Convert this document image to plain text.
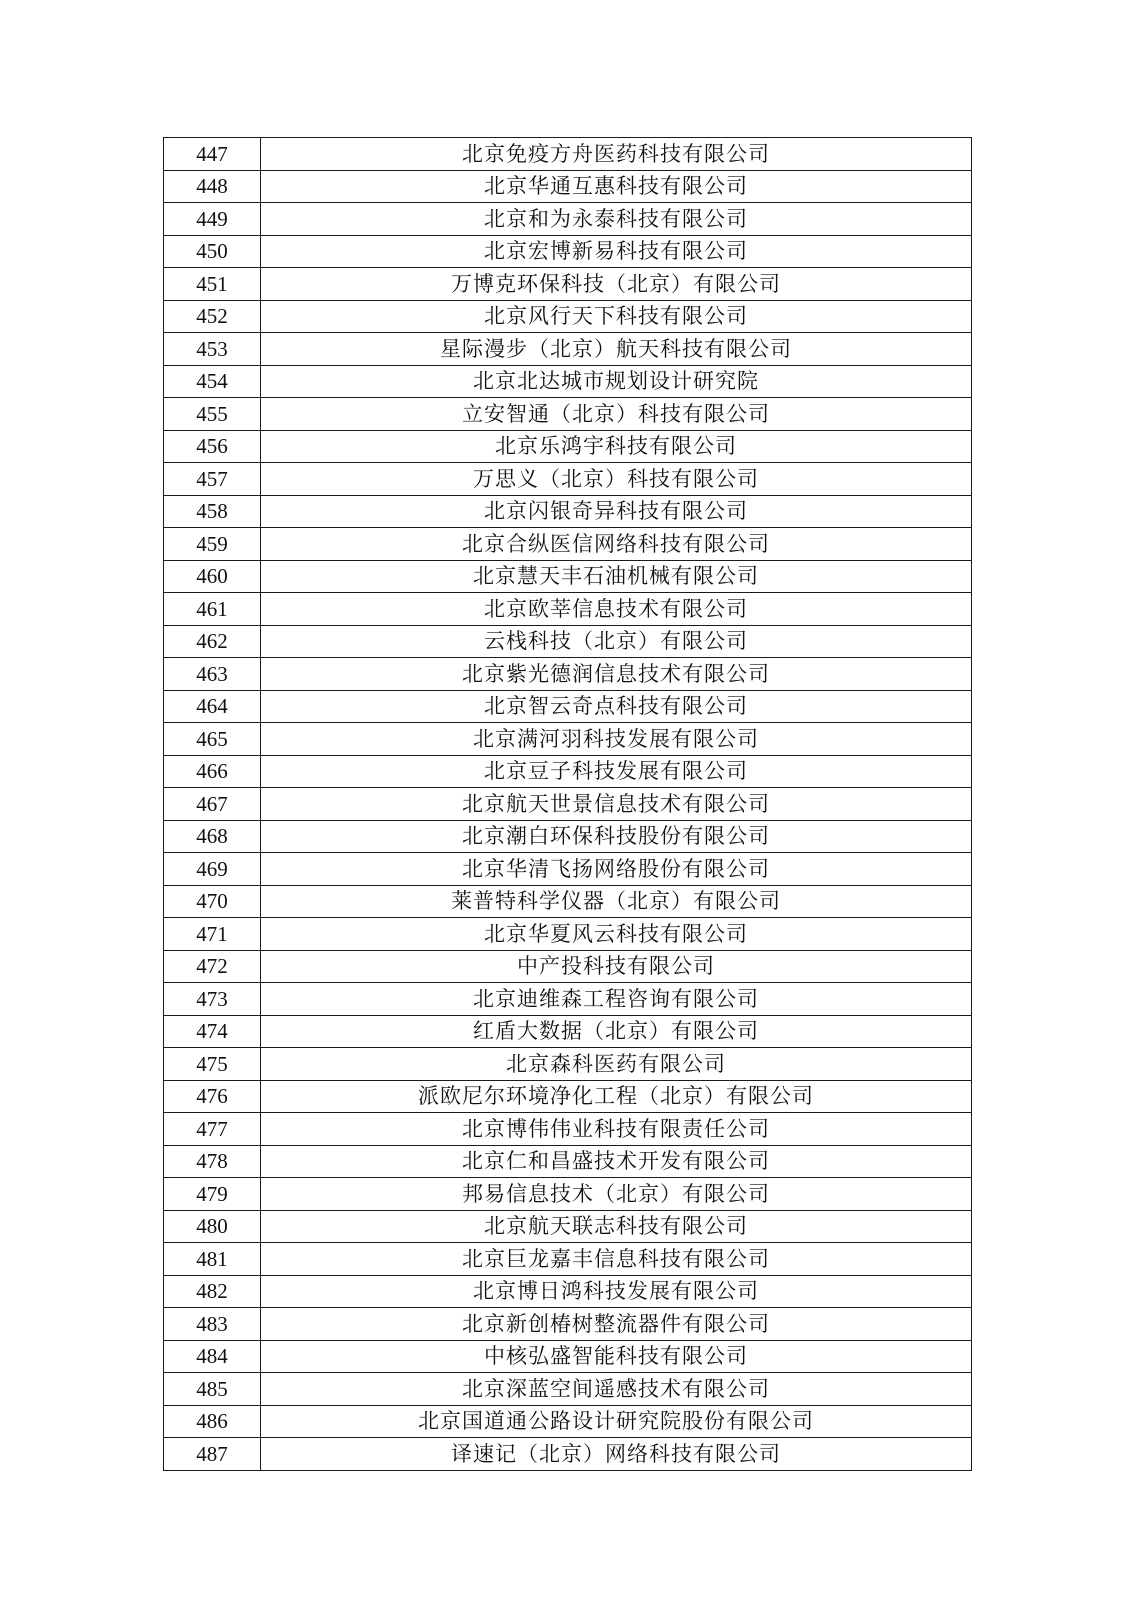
447	北京免疫方舟医药科技有限公司
448	北京华通互惠科技有限公司
449	北京和为永泰科技有限公司
450	北京宏博新易科技有限公司
451	万博克环保科技（北京）有限公司
452	北京风行天下科技有限公司
453	星际漫步（北京）航天科技有限公司
454	北京北达城市规划设计研究院
455	立安智通（北京）科技有限公司
456	北京乐鸿宇科技有限公司
457	万思义（北京）科技有限公司
458	北京闪银奇异科技有限公司
459	北京合纵医信网络科技有限公司
460	北京慧天丰石油机械有限公司
461	北京欧莘信息技术有限公司
462	云栈科技（北京）有限公司
463	北京紫光德润信息技术有限公司
464	北京智云奇点科技有限公司
465	北京满河羽科技发展有限公司
466	北京豆子科技发展有限公司
467	北京航天世景信息技术有限公司
468	北京潮白环保科技股份有限公司
469	北京华清飞扬网络股份有限公司
470	莱普特科学仪器（北京）有限公司
471	北京华夏风云科技有限公司
472	中产投科技有限公司
473	北京迪维森工程咨询有限公司
474	红盾大数据（北京）有限公司
475	北京森科医药有限公司
476	派欧尼尔环境净化工程（北京）有限公司
477	北京博伟伟业科技有限责任公司
478	北京仁和昌盛技术开发有限公司
479	邦易信息技术（北京）有限公司
480	北京航天联志科技有限公司
481	北京巨龙嘉丰信息科技有限公司
482	北京博日鸿科技发展有限公司
483	北京新创椿树整流器件有限公司
484	中核弘盛智能科技有限公司
485	北京深蓝空间遥感技术有限公司
486	北京国道通公路设计研究院股份有限公司
487	译速记（北京）网络科技有限公司
